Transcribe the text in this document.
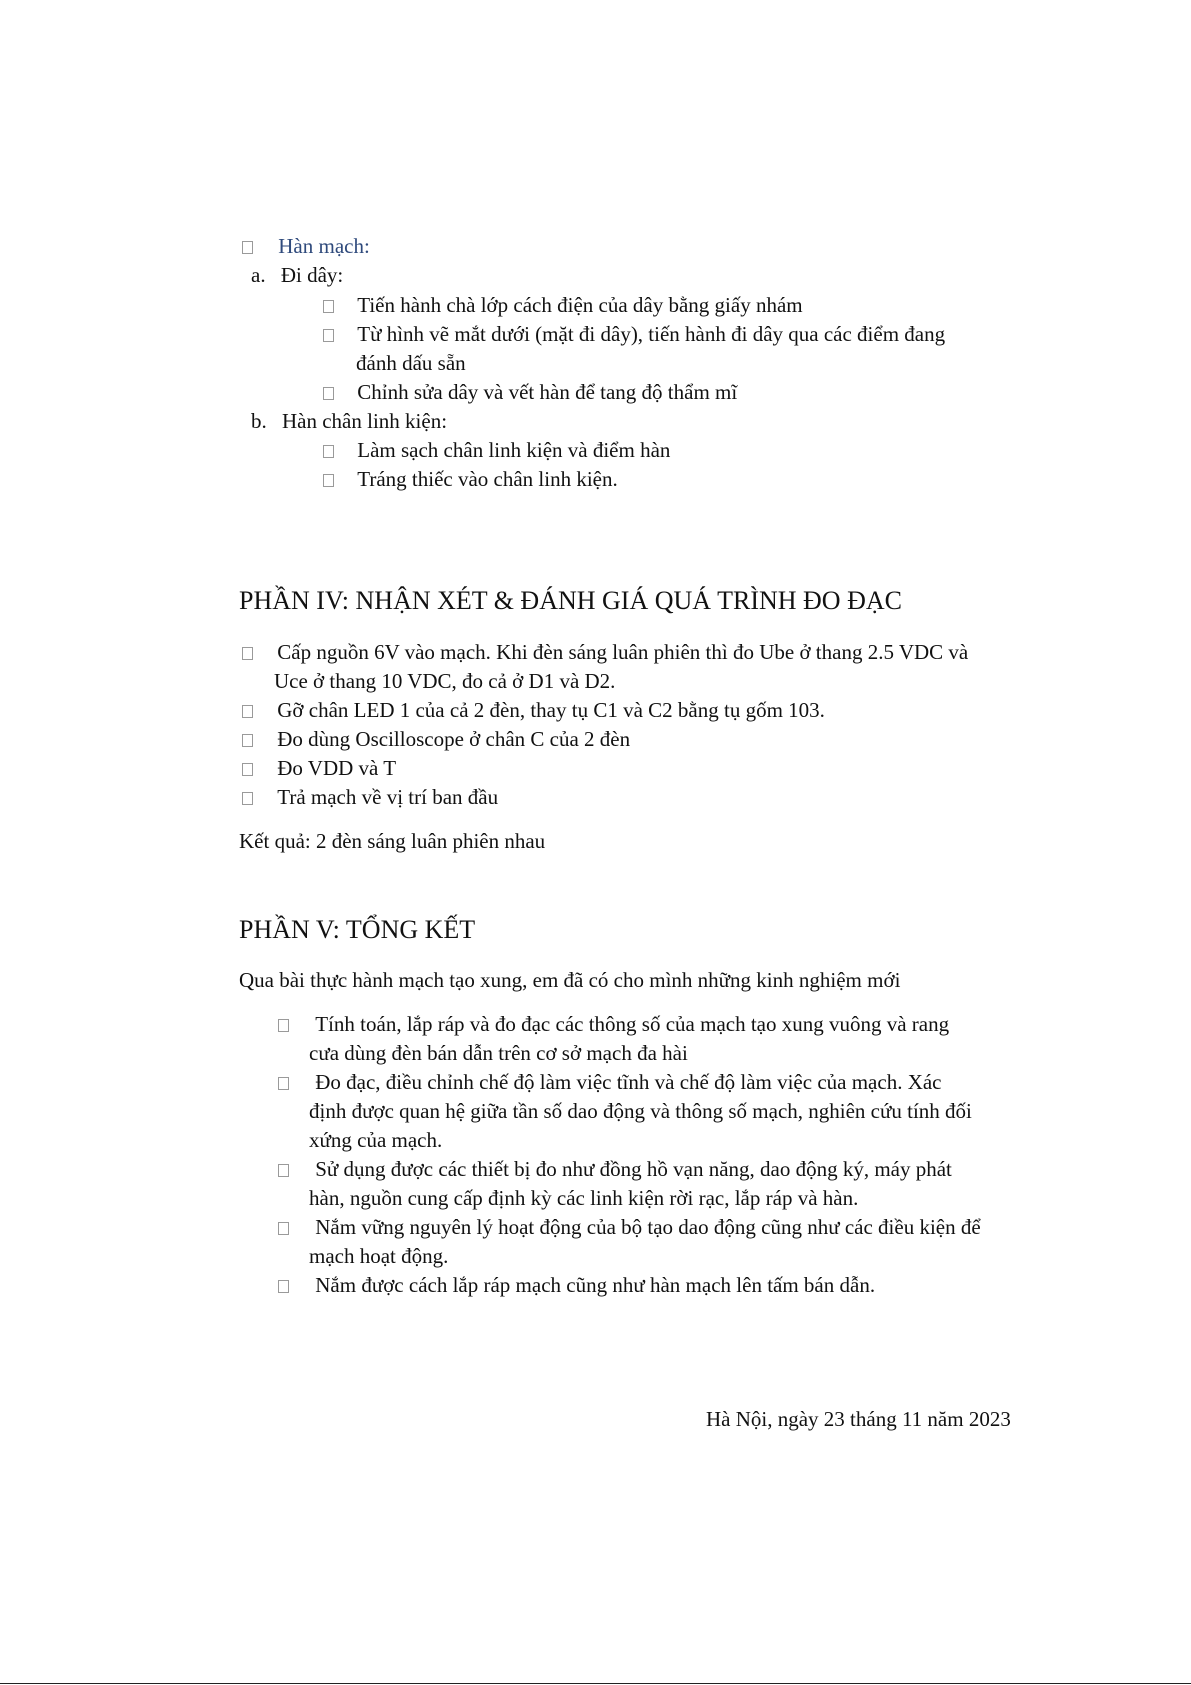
Hàn mạch:
a. Đi dây:
Tiến hành chà lớp cách điện của dây bằng giấy nhám
Từ hình vẽ mắt dưới (mặt đi dây), tiến hành đi dây qua các điểm đang
đánh dấu sẵn
Chỉnh sửa dây và vết hàn để tang độ thẩm mĩ
b. Hàn chân linh kiện:
Làm sạch chân linh kiện và điểm hàn
Tráng thiếc vào chân linh kiện.
PHẦN IV: NHẬN XÉT & ĐÁNH GIÁ QUÁ TRÌNH ĐO ĐẠC
Cấp nguồn 6V vào mạch. Khi đèn sáng luân phiên thì đo Ube ở thang 2.5 VDC và
Uce ở thang 10 VDC, đo cả ở D1 và D2.
Gỡ chân LED 1 của cả 2 đèn, thay tụ C1 và C2 bằng tụ gốm 103.
Đo dùng Oscilloscope ở chân C của 2 đèn
Đo VDD và T
Trả mạch về vị trí ban đầu
Kết quả: 2 đèn sáng luân phiên nhau
PHẦN V: TỔNG KẾT
Qua bài thực hành mạch tạo xung, em đã có cho mình những kinh nghiệm mới
Tính toán, lắp ráp và đo đạc các thông số của mạch tạo xung vuông và rang
cưa dùng đèn bán dẫn trên cơ sở mạch đa hài
Đo đạc, điều chỉnh chế độ làm việc tĩnh và chế độ làm việc của mạch. Xác
định được quan hệ giữa tần số dao động và thông số mạch, nghiên cứu tính đối
xứng của mạch.
Sử dụng được các thiết bị đo như đồng hồ vạn năng, dao động ký, máy phát
hàn, nguồn cung cấp định kỳ các linh kiện rời rạc, lắp ráp và hàn.
Nắm vững nguyên lý hoạt động của bộ tạo dao động cũng như các điều kiện để
mạch hoạt động.
Nắm được cách lắp ráp mạch cũng như hàn mạch lên tấm bán dẫn.
Hà Nội, ngày 23 tháng 11 năm 2023
